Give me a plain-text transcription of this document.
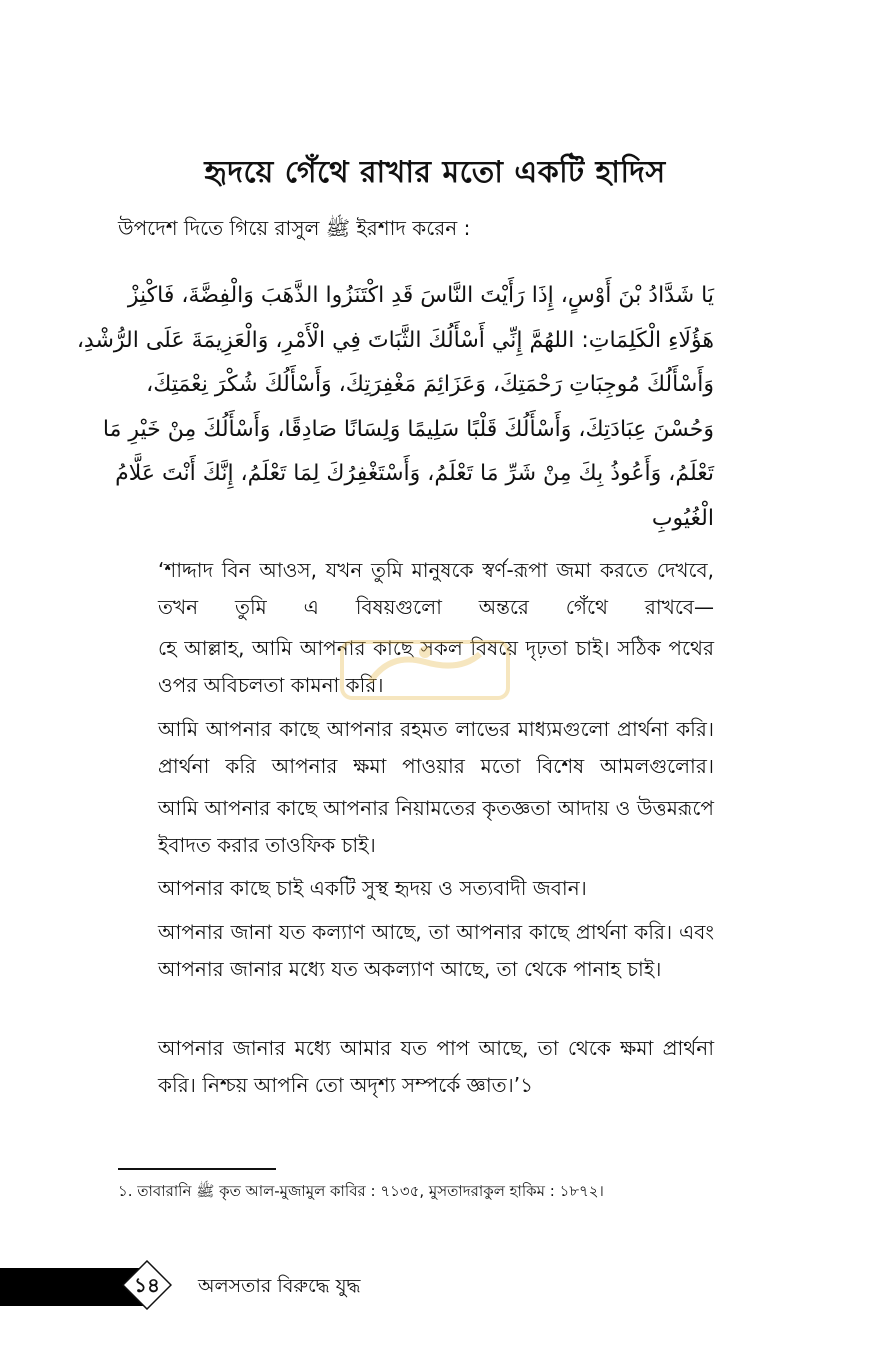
হৃদয়ে গেঁথে রাখার মতো একটি হাদিস
উপদেশ দিতে গিয়ে রাসুল ﷺ ইরশাদ করেন :
يَا شَدَّادُ بْنَ أَوْسٍ، إِذَا رَأَيْتَ النَّاسَ قَدِ اكْتَنَزُوا الذَّهَبَ وَالْفِضَّةَ، فَاكْنِزْ
هَؤُلَاءِ الْكَلِمَاتِ: اللهُمَّ إِنِّي أَسْأَلُكَ الثَّبَاتَ فِي الْأَمْرِ، وَالْعَزِيمَةَ عَلَى الرُّشْدِ،
وَأَسْأَلُكَ مُوجِبَاتِ رَحْمَتِكَ، وَعَزَائِمَ مَغْفِرَتِكَ، وَأَسْأَلُكَ شُكْرَ نِعْمَتِكَ،
وَحُسْنَ عِبَادَتِكَ، وَأَسْأَلُكَ قَلْبًا سَلِيمًا وَلِسَانًا صَادِقًا، وَأَسْأَلُكَ مِنْ خَيْرِ مَا
تَعْلَمُ، وَأَعُوذُ بِكَ مِنْ شَرِّ مَا تَعْلَمُ، وَأَسْتَغْفِرُكَ لِمَا تَعْلَمُ، إِنَّكَ أَنْتَ عَلَّامُ
الْغُيُوبِ
‘শাদ্দাদ বিন আওস, যখন তুমি মানুষকে স্বর্ণ-রূপা জমা করতে দেখবে, তখন তুমি এ বিষয়গুলো অন্তরে গেঁথে রাখবে—
হে আল্লাহ, আমি আপনার কাছে সকল বিষয়ে দৃঢ়তা চাই। সঠিক পথের ওপর অবিচলতা কামনা করি।
আমি আপনার কাছে আপনার রহমত লাভের মাধ্যমগুলো প্রার্থনা করি। প্রার্থনা করি আপনার ক্ষমা পাওয়ার মতো বিশেষ আমলগুলোর।
আমি আপনার কাছে আপনার নিয়ামতের কৃতজ্ঞতা আদায় ও উত্তমরূপে ইবাদত করার তাওফিক চাই।
আপনার কাছে চাই একটি সুস্থ হৃদয় ও সত্যবাদী জবান।
আপনার জানা যত কল্যাণ আছে, তা আপনার কাছে প্রার্থনা করি। এবং আপনার জানার মধ্যে যত অকল্যাণ আছে, তা থেকে পানাহ চাই।
আপনার জানার মধ্যে আমার যত পাপ আছে, তা থেকে ক্ষমা প্রার্থনা করি। নিশ্চয় আপনি তো অদৃশ্য সম্পর্কে জ্ঞাত।’১
১. তাবারানি ﷺ কৃত আল-মুজামুল কাবির : ৭১৩৫, মুসতাদরাকুল হাকিম : ১৮৭২।
১৪	অলসতার বিরুদ্ধে যুদ্ধ
